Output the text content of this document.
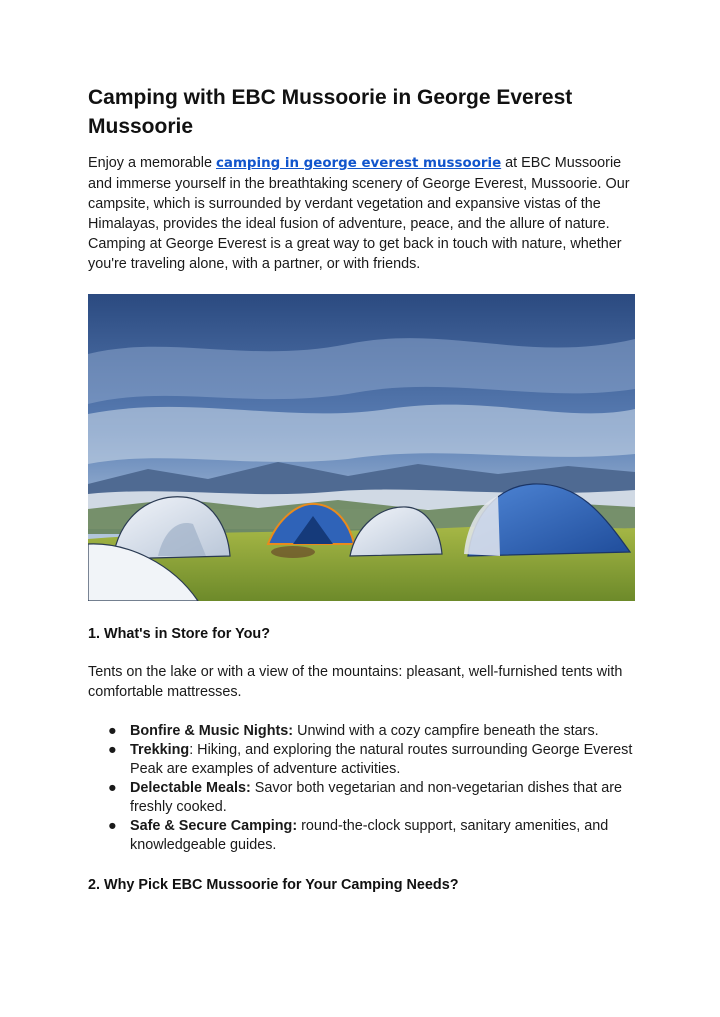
Camping with EBC Mussoorie in George Everest Mussoorie
Enjoy a memorable camping in george everest mussoorie at EBC Mussoorie and immerse yourself in the breathtaking scenery of George Everest, Mussoorie. Our campsite, which is surrounded by verdant vegetation and expansive vistas of the Himalayas, provides the ideal fusion of adventure, peace, and the allure of nature. Camping at George Everest is a great way to get back in touch with nature, whether you're traveling alone, with a partner, or with friends.
1. What's in Store for You?
Tents on the lake or with a view of the mountains: pleasant, well-furnished tents with comfortable mattresses.
● Bonfire & Music Nights: Unwind with a cozy campfire beneath the stars.
● Trekking: Hiking, and exploring the natural routes surrounding George Everest Peak are examples of adventure activities.
● Delectable Meals: Savor both vegetarian and non-vegetarian dishes that are freshly cooked.
● Safe & Secure Camping: round-the-clock support, sanitary amenities, and knowledgeable guides.
2. Why Pick EBC Mussoorie for Your Camping Needs?
